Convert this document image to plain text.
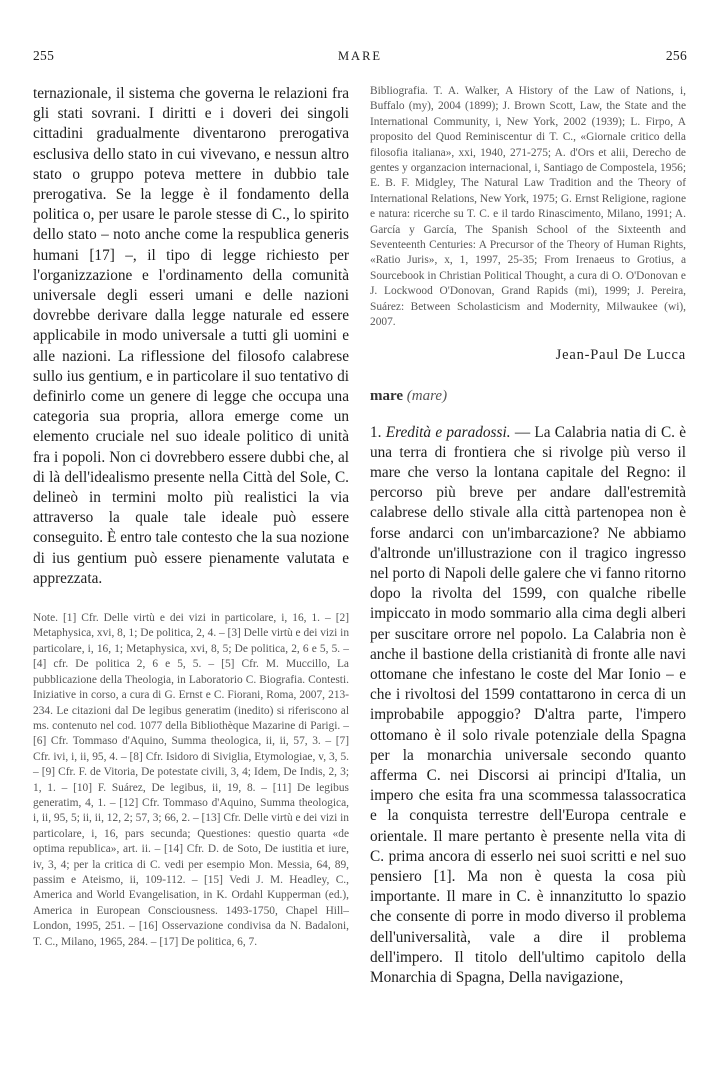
255	MARE	256

ternazionale, il sistema che governa le relazioni fra gli stati sovrani. I diritti e i doveri dei singoli cittadini gradualmente diventarono prerogativa esclusiva dello stato in cui vivevano, e nessun altro stato o gruppo poteva mettere in dubbio tale prerogativa. Se la legge è il fondamento della politica o, per usare le parole stesse di C., lo spirito dello stato – noto anche come la respublica generis humani [17] –, il tipo di legge richiesto per l'organizzazione e l'ordinamento della comunità universale degli esseri umani e delle nazioni dovrebbe derivare dalla legge naturale ed essere applicabile in modo universale a tutti gli uomini e alle nazioni. La riflessione del filosofo calabrese sullo ius gentium, e in particolare il suo tentativo di definirlo come un genere di legge che occupa una categoria sua propria, allora emerge come un elemento cruciale nel suo ideale politico di unità fra i popoli. Non ci dovrebbero essere dubbi che, al di là dell'idealismo presente nella Città del Sole, C. delineò in termini molto più realistici la via attraverso la quale tale ideale può essere conseguito. È entro tale contesto che la sua nozione di ius gentium può essere pienamente valutata e apprezzata.

Note. [1] Cfr. Delle virtù e dei vizi in particolare, i, 16, 1. – [2] Metaphysica, xvi, 8, 1; De politica, 2, 4. – [3] Delle virtù e dei vizi in particolare, i, 16, 1; Metaphysica, xvi, 8, 5; De politica, 2, 6 e 5, 5. – [4] cfr. De politica 2, 6 e 5, 5. – [5] Cfr. M. Muccillo, La pubblicazione della Theologia, in Laboratorio C. Biografia. Contesti. Iniziative in corso, a cura di G. Ernst e C. Fiorani, Roma, 2007, 213-234. Le citazioni dal De legibus generatim (inedito) si riferiscono al ms. contenuto nel cod. 1077 della Bibliothèque Mazarine di Parigi. – [6] Cfr. Tommaso d'Aquino, Summa theologica, ii, ii, 57, 3. – [7] Cfr. ivi, i, ii, 95, 4. – [8] Cfr. Isidoro di Siviglia, Etymologiae, v, 3, 5. – [9] Cfr. F. de Vitoria, De potestate civili, 3, 4; Idem, De Indis, 2, 3; 1, 1. – [10] F. Suárez, De legibus, ii, 19, 8. – [11] De legibus generatim, 4, 1. – [12] Cfr. Tommaso d'Aquino, Summa theologica, i, ii, 95, 5; ii, ii, 12, 2; 57, 3; 66, 2. – [13] Cfr. Delle virtù e dei vizi in particolare, i, 16, pars secunda; Questiones: questio quarta «de optima republica», art. ii. – [14] Cfr. D. de Soto, De iustitia et iure, iv, 3, 4; per la critica di C. vedi per esempio Mon. Messia, 64, 89, passim e Ateismo, ii, 109-112. – [15] Vedi J. M. Headley, C., America and World Evangelisation, in K. Ordahl Kupperman (ed.), America in European Consciousness. 1493-1750, Chapel Hill–London, 1995, 251. – [16] Osservazione condivisa da N. Badaloni, T. C., Milano, 1965, 284. – [17] De politica, 6, 7.

Bibliografia. T. A. Walker, A History of the Law of Nations, i, Buffalo (my), 2004 (1899); J. Brown Scott, Law, the State and the International Community, i, New York, 2002 (1939); L. Firpo, A proposito del Quod Reminiscentur di T. C., «Giornale critico della filosofia italiana», xxi, 1940, 271-275; A. d'Ors et alii, Derecho de gentes y organzacion internacional, i, Santiago de Compostela, 1956; E. B. F. Midgley, The Natural Law Tradition and the Theory of International Relations, New York, 1975; G. Ernst Religione, ragione e natura: ricerche su T. C. e il tardo Rinascimento, Milano, 1991; A. García y García, The Spanish School of the Sixteenth and Seventeenth Centuries: A Precursor of the Theory of Human Rights, «Ratio Juris», x, 1, 1997, 25-35; From Irenaeus to Grotius, a Sourcebook in Christian Political Thought, a cura di O. O'Donovan e J. Lockwood O'Donovan, Grand Rapids (mi), 1999; J. Pereira, Suárez: Between Scholasticism and Modernity, Milwaukee (wi), 2007.

Jean-Paul De Lucca

mare (mare)

1. Eredità e paradossi. — La Calabria natia di C. è una terra di frontiera che si rivolge più verso il mare che verso la lontana capitale del Regno: il percorso più breve per andare dall'estremità calabrese dello stivale alla città partenopea non è forse andarci con un'imbarcazione? Ne abbiamo d'altronde un'illustrazione con il tragico ingresso nel porto di Napoli delle galere che vi fanno ritorno dopo la rivolta del 1599, con qualche ribelle impiccato in modo sommario alla cima degli alberi per suscitare orrore nel popolo. La Calabria non è anche il bastione della cristianità di fronte alle navi ottomane che infestano le coste del Mar Ionio – e che i rivoltosi del 1599 contattarono in cerca di un improbabile appoggio? D'altra parte, l'impero ottomano è il solo rivale potenziale della Spagna per la monarchia universale secondo quanto afferma C. nei Discorsi ai principi d'Italia, un impero che esita fra una scommessa talassocratica e la conquista terrestre dell'Europa centrale e orientale. Il mare pertanto è presente nella vita di C. prima ancora di esserlo nei suoi scritti e nel suo pensiero [1]. Ma non è questa la cosa più importante. Il mare in C. è innanzitutto lo spazio che consente di porre in modo diverso il problema dell'universalità, vale a dire il problema dell'impero. Il titolo dell'ultimo capitolo della Monarchia di Spagna, Della navigazione,
